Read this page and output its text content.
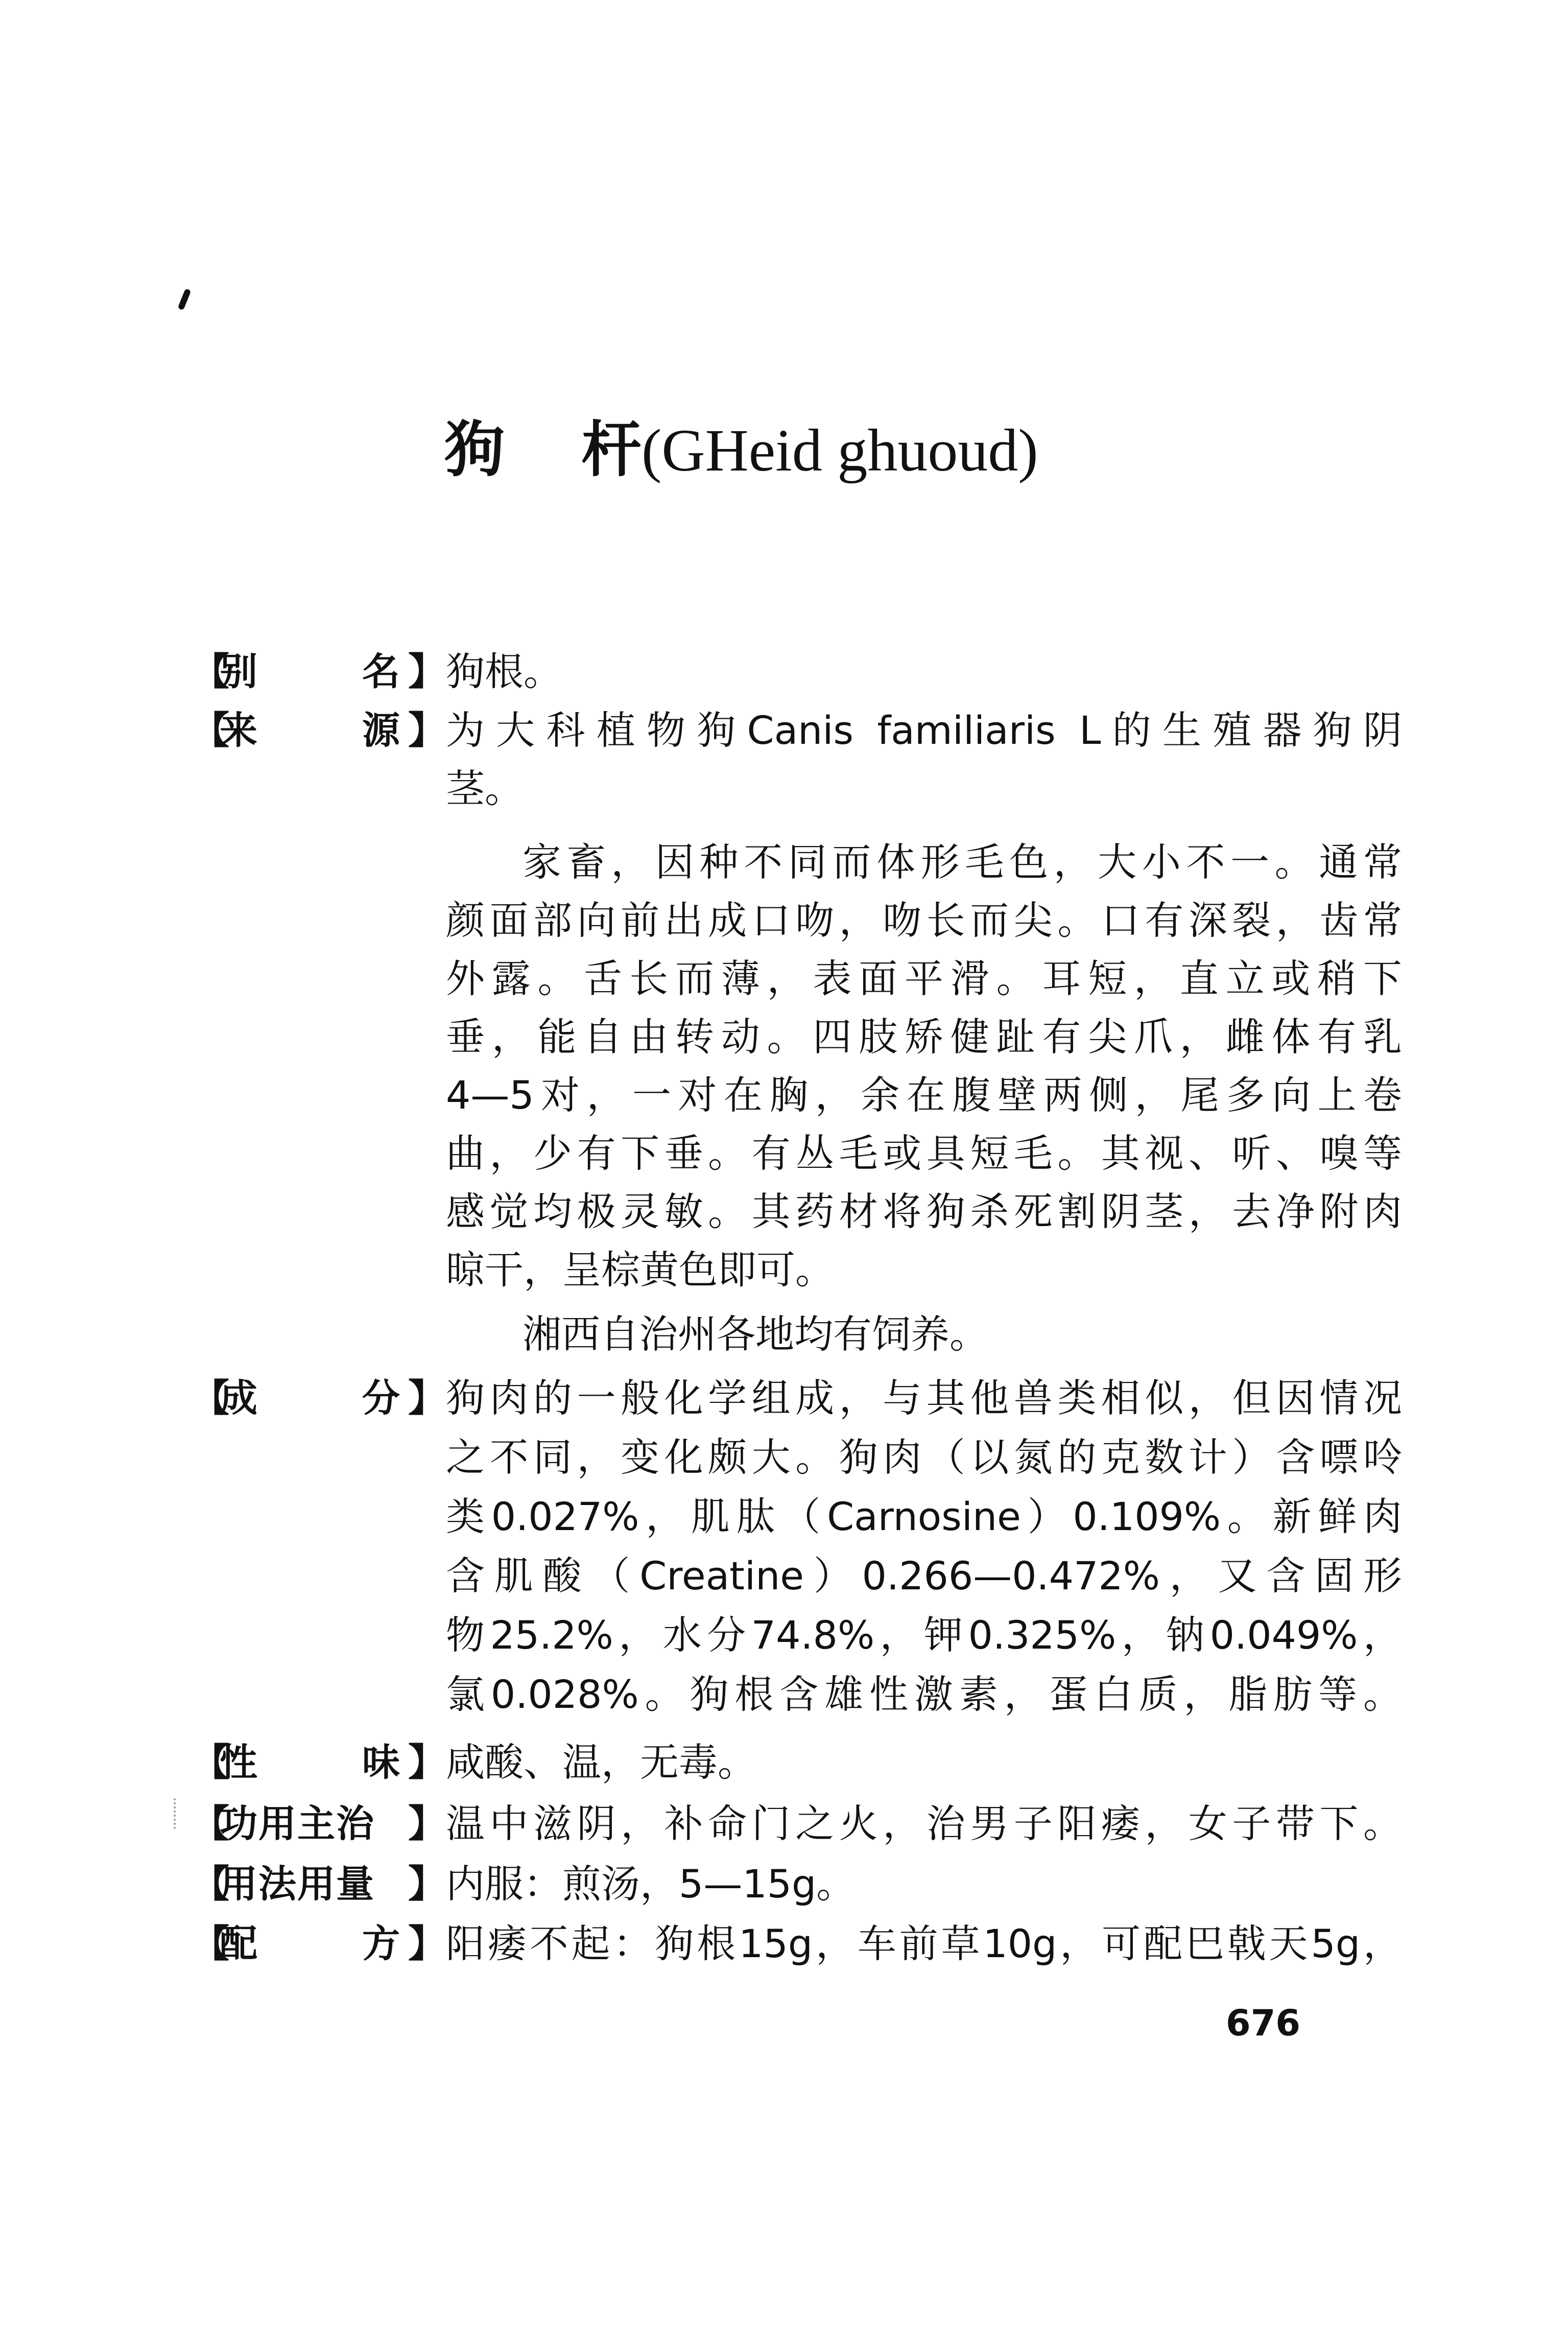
狗 杆(GHeid ghuoud)
【
别	名 】 狗根。
【
来	源 】 为大科植物狗Canis familiaris L的生殖器狗阴
茎。
家畜，因种不同而体形毛色，大小不一。通常
颜面部向前出成口吻，吻长而尖。口有深裂，齿常
外露。舌长而薄，表面平滑。耳短，直立或稍下
垂，能自由转动。四肢矫健趾有尖爪，雌体有乳
4—5对，一对在胸，余在腹壁两侧，尾多向上卷
曲，少有下垂。有丛毛或具短毛。其视、听、嗅等
感觉均极灵敏。其药材将狗杀死割阴茎，去净附肉
晾干，呈棕黄色即可。
湘西自治州各地均有饲养。
【
成	分 】 狗肉的一般化学组成，与其他兽类相似，但因情况
之不同，变化颇大。狗肉（以氮的克数计）含嘌呤
类0.027%，肌肽（Carnosine）0.109%。新鲜肉
含肌酸（Creatine）0.266—0.472%，又含固形
物25.2%，水分74.8%，钾0.325%，钠0.049%，
氯0.028%。狗根含雄性激素，蛋白质，脂肪等。
【
性	味 】 咸酸、温，无毒。
【
功用主治 】 温中滋阴，补命门之火，治男子阳痿，女子带下。
【
用法用量 】 内服：煎汤，5—15g。
【
配	方 】 阳痿不起：狗根15g，车前草10g，可配巴戟天5g，
676
